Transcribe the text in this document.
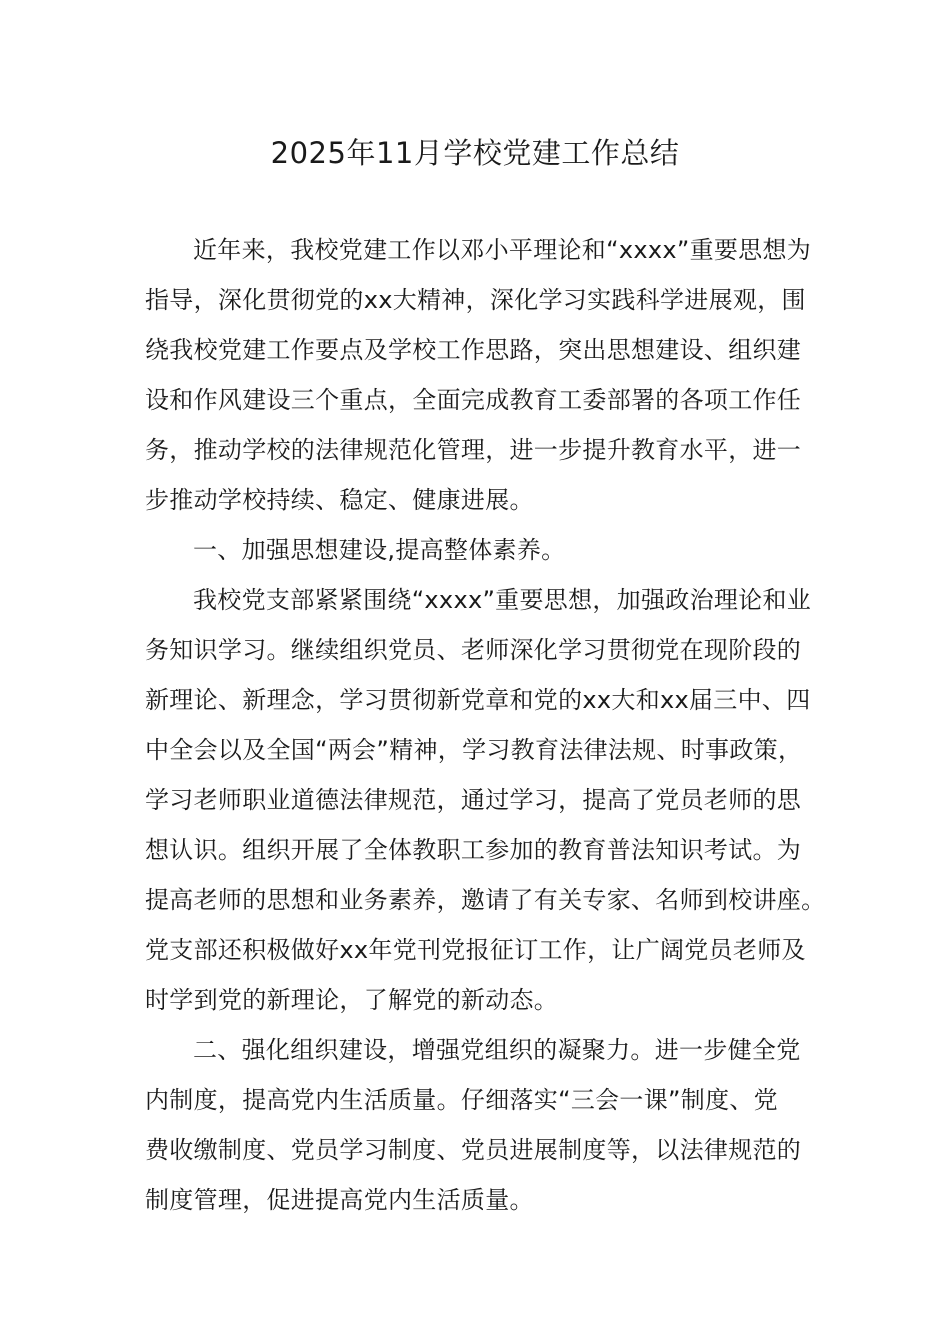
2025年11月学校党建工作总结
近年来，我校党建工作以邓小平理论和“xxxx”重要思想为
指导，深化贯彻党的xx大精神，深化学习实践科学进展观，围
绕我校党建工作要点及学校工作思路，突出思想建设、组织建
设和作风建设三个重点，全面完成教育工委部署的各项工作任
务，推动学校的法律规范化管理，进一步提升教育水平，进一
步推动学校持续、稳定、健康进展。
一、加强思想建设,提高整体素养。
我校党支部紧紧围绕“xxxx”重要思想，加强政治理论和业
务知识学习。继续组织党员、老师深化学习贯彻党在现阶段的
新理论、新理念，学习贯彻新党章和党的xx大和xx届三中、四
中全会以及全国“两会”精神，学习教育法律法规、时事政策，
学习老师职业道德法律规范，通过学习，提高了党员老师的思
想认识。组织开展了全体教职工参加的教育普法知识考试。为
提高老师的思想和业务素养，邀请了有关专家、名师到校讲座。
党支部还积极做好xx年党刊党报征订工作，让广阔党员老师及
时学到党的新理论，了解党的新动态。
二、强化组织建设，增强党组织的凝聚力。进一步健全党
内制度，提高党内生活质量。仔细落实“三会一课”制度、党
费收缴制度、党员学习制度、党员进展制度等，以法律规范的
制度管理，促进提高党内生活质量。
